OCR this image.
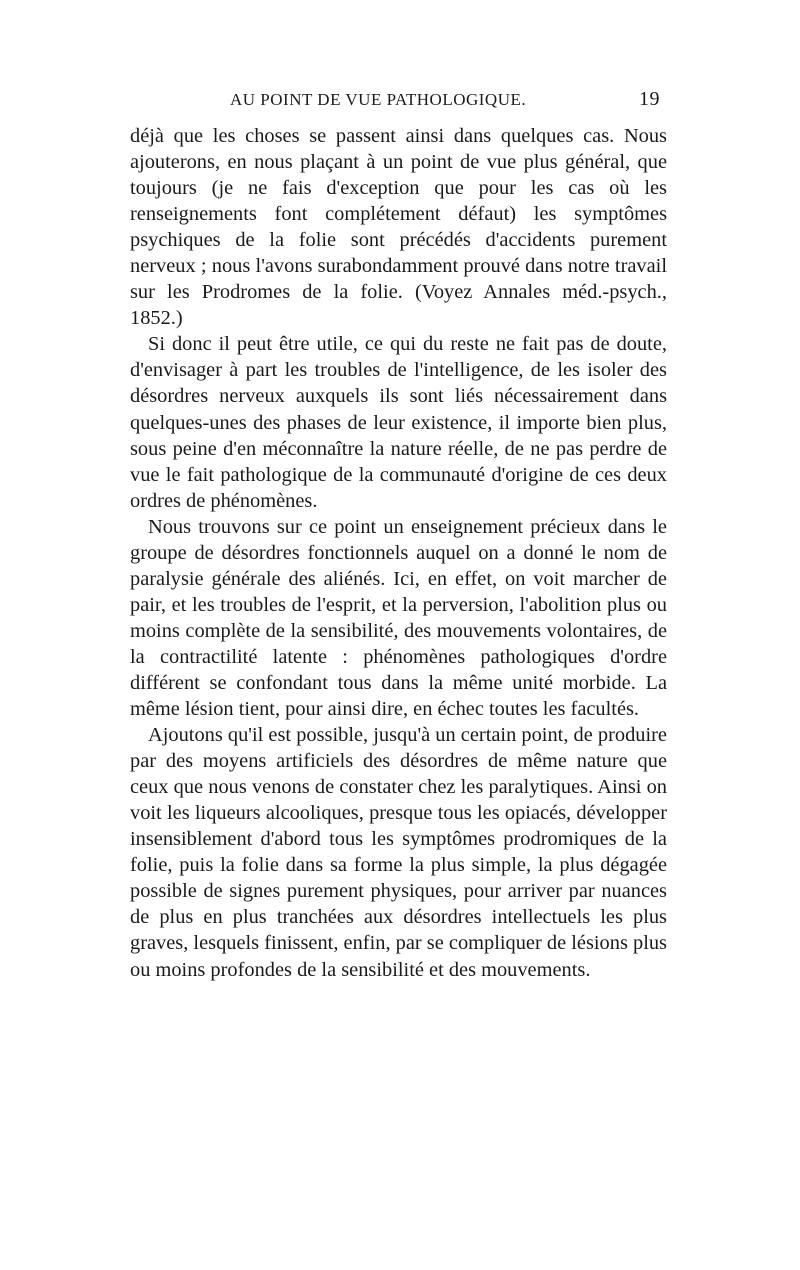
AU POINT DE VUE PATHOLOGIQUE.	19

déjà que les choses se passent ainsi dans quelques cas. Nous ajouterons, en nous plaçant à un point de vue plus général, que toujours (je ne fais d'exception que pour les cas où les renseignements font complétement défaut) les symptômes psychiques de la folie sont précédés d'accidents purement nerveux ; nous l'avons surabondamment prouvé dans notre travail sur les Prodromes de la folie. (Voyez Annales méd.-psych., 1852.)

Si donc il peut être utile, ce qui du reste ne fait pas de doute, d'envisager à part les troubles de l'intelligence, de les isoler des désordres nerveux auxquels ils sont liés nécessairement dans quelques-unes des phases de leur existence, il importe bien plus, sous peine d'en méconnaître la nature réelle, de ne pas perdre de vue le fait pathologique de la communauté d'origine de ces deux ordres de phénomènes.

Nous trouvons sur ce point un enseignement précieux dans le groupe de désordres fonctionnels auquel on a donné le nom de paralysie générale des aliénés. Ici, en effet, on voit marcher de pair, et les troubles de l'esprit, et la perversion, l'abolition plus ou moins complète de la sensibilité, des mouvements volontaires, de la contractilité latente : phénomènes pathologiques d'ordre différent se confondant tous dans la même unité morbide. La même lésion tient, pour ainsi dire, en échec toutes les facultés.

Ajoutons qu'il est possible, jusqu'à un certain point, de produire par des moyens artificiels des désordres de même nature que ceux que nous venons de constater chez les paralytiques. Ainsi on voit les liqueurs alcooliques, presque tous les opiacés, développer insensiblement d'abord tous les symptômes prodromiques de la folie, puis la folie dans sa forme la plus simple, la plus dégagée possible de signes purement physiques, pour arriver par nuances de plus en plus tranchées aux désordres intellectuels les plus graves, lesquels finissent, enfin, par se compliquer de lésions plus ou moins profondes de la sensibilité et des mouvements.
